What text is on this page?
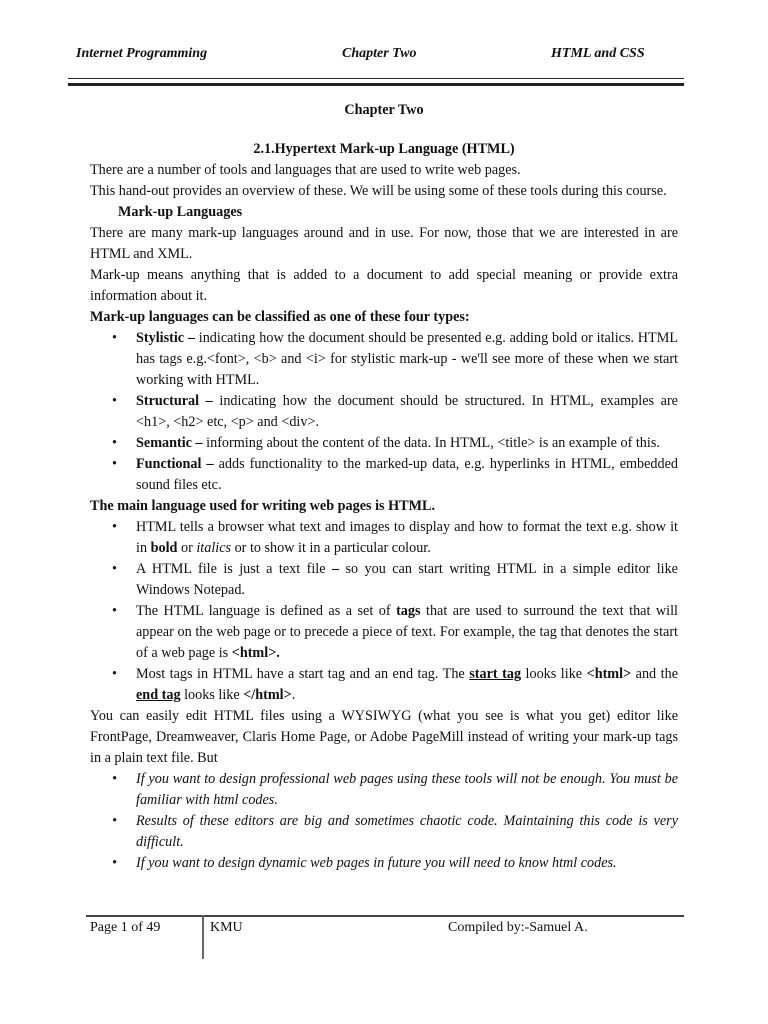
Internet Programming	Chapter Two	HTML and CSS

Chapter Two

2.1.Hypertext Mark-up Language (HTML)

There are a number of tools and languages that are used to write web pages.

This hand-out provides an overview of these. We will be using some of these tools during this course.

Mark-up Languages

There are many mark-up languages around and in use. For now, those that we are interested in are HTML and XML.

Mark-up means anything that is added to a document to add special meaning or provide extra information about it.

Mark-up languages can be classified as one of these four types:

• Stylistic – indicating how the document should be presented e.g. adding bold or italics. HTML has tags e.g.<font>, <b> and <i> for stylistic mark-up - we'll see more of these when we start working with HTML.
• Structural – indicating how the document should be structured. In HTML, examples are <h1>, <h2> etc, <p> and <div>.
• Semantic – informing about the content of the data. In HTML, <title> is an example of this.
• Functional – adds functionality to the marked-up data, e.g. hyperlinks in HTML, embedded sound files etc.

The main language used for writing web pages is HTML.

• HTML tells a browser what text and images to display and how to format the text e.g. show it in bold or italics or to show it in a particular colour.
• A HTML file is just a text file – so you can start writing HTML in a simple editor like Windows Notepad.
• The HTML language is defined as a set of tags that are used to surround the text that will appear on the web page or to precede a piece of text. For example, the tag that denotes the start of a web page is <html>.
• Most tags in HTML have a start tag and an end tag. The start tag looks like <html> and the end tag looks like </html>.

You can easily edit HTML files using a WYSIWYG (what you see is what you get) editor like FrontPage, Dreamweaver, Claris Home Page, or Adobe PageMill instead of writing your mark-up tags in a plain text file. But

• If you want to design professional web pages using these tools will not be enough. You must be familiar with html codes.
• Results of these editors are big and sometimes chaotic code. Maintaining this code is very difficult.
• If you want to design dynamic web pages in future you will need to know html codes.
Page 1 of 49	KMU	Compiled by:-Samuel A.
